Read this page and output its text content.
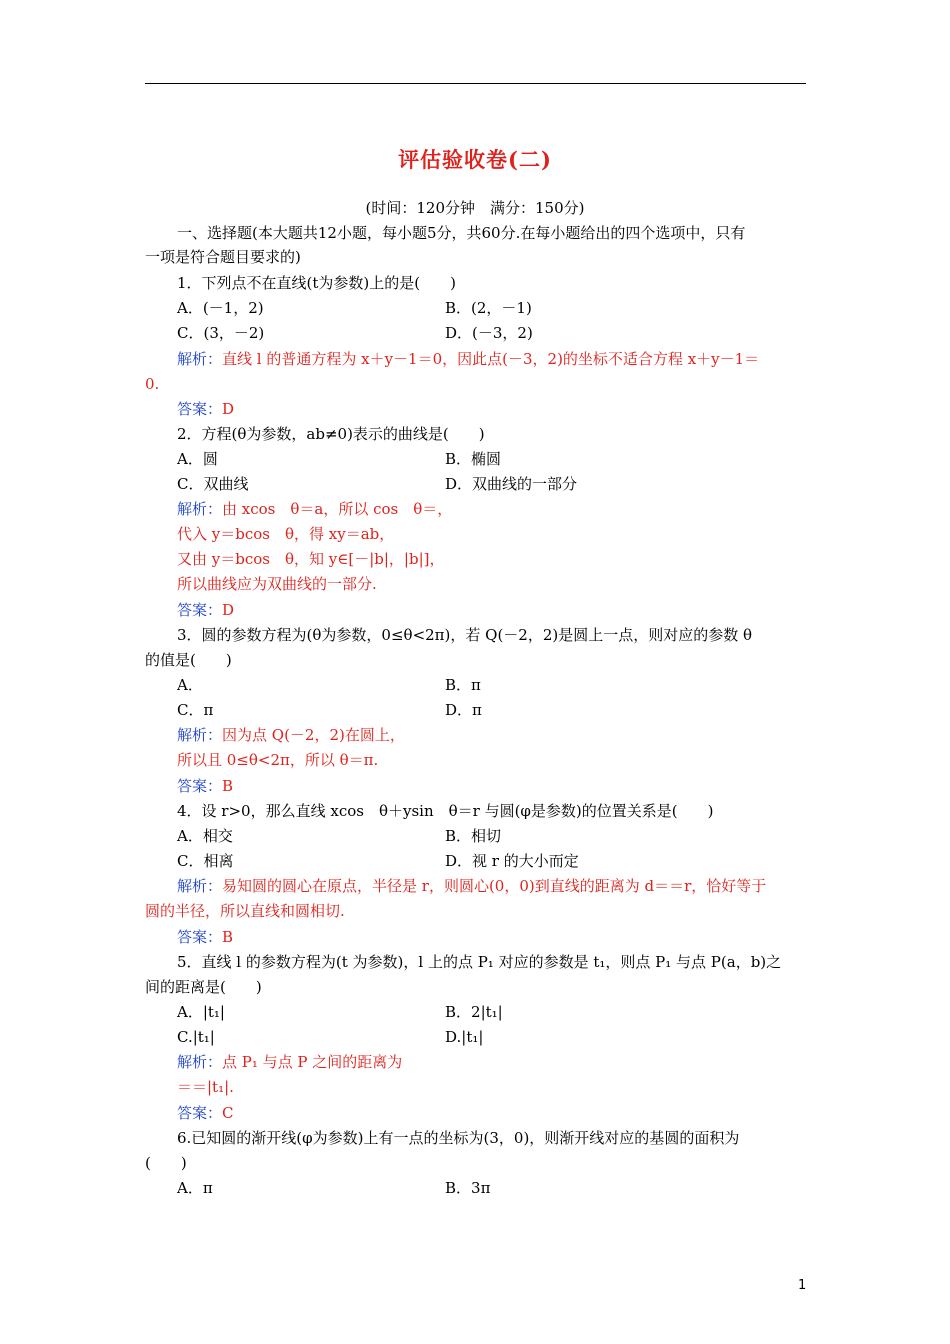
评估验收卷(二)
(时间：120分钟　满分：150分)
一、选择题(本大题共12小题，每小题5分，共60分.在每小题给出的四个选项中，只有
一项是符合题目要求的)
1．下列点不在直线(t为参数)上的是(　　)
A．(－1，2)	B．(2，－1)
C．(3，－2)	D．(－3，2)
解析：直线 l 的普通方程为 x＋y－1＝0，因此点(－3，2)的坐标不适合方程 x＋y－1＝
0.
答案：D
2．方程(θ为参数，ab≠0)表示的曲线是(　　)
A．圆	B．椭圆
C．双曲线	D．双曲线的一部分
解析：由 xcos　θ＝a，所以 cos　θ＝，
代入 y＝bcos　θ，得 xy＝ab，
又由 y＝bcos　θ，知 y∈[－|b|，|b|]，
所以曲线应为双曲线的一部分.
答案：D
3．圆的参数方程为(θ为参数，0≤θ<2π)，若 Q(－2，2)是圆上一点，则对应的参数 θ
的值是(　　)
A．	B．π
C．π	D．π
解析：因为点 Q(－2，2)在圆上，
所以且 0≤θ<2π，所以 θ＝π.
答案：B
4．设 r>0，那么直线 xcos　θ＋ysin　θ＝r 与圆(φ是参数)的位置关系是(　　)
A．相交	B．相切
C．相离	D．视 r 的大小而定
解析：易知圆的圆心在原点，半径是 r，则圆心(0，0)到直线的距离为 d＝＝r，恰好等于
圆的半径，所以直线和圆相切.
答案：B
5．直线 l 的参数方程为(t 为参数)，l 上的点 P₁ 对应的参数是 t₁，则点 P₁ 与点 P(a，b)之
间的距离是(　　)
A．|t₁|	B．2|t₁|
C.|t₁|	D.|t₁|
解析：点 P₁ 与点 P 之间的距离为
＝＝|t₁|.
答案：C
6.已知圆的渐开线(φ为参数)上有一点的坐标为(3，0)，则渐开线对应的基圆的面积为
(　　)
A．π	B．3π
1
